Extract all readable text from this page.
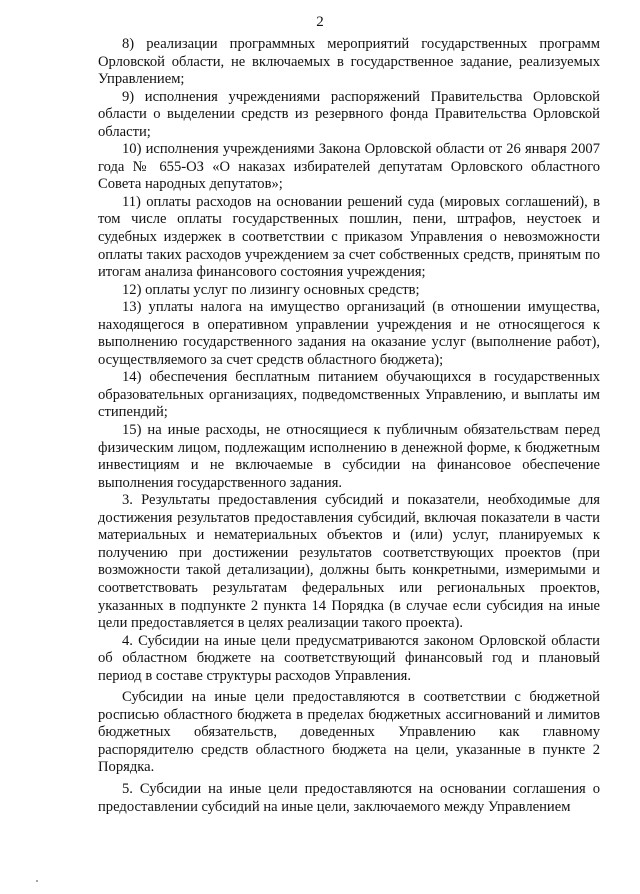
2

8) реализации программных мероприятий государственных программ Орловской области, не включаемых в государственное задание, реализуемых Управлением;

9) исполнения учреждениями распоряжений Правительства Орловской области о выделении средств из резервного фонда Правительства Орловской области;

10) исполнения учреждениями Закона Орловской области от 26 января 2007 года № 655-ОЗ «О наказах избирателей депутатам Орловского областного Совета народных депутатов»;

11) оплаты расходов на основании решений суда (мировых соглашений), в том числе оплаты государственных пошлин, пени, штрафов, неустоек и судебных издержек в соответствии с приказом Управления о невозможности оплаты таких расходов учреждением за счет собственных средств, принятым по итогам анализа финансового состояния учреждения;

12) оплаты услуг по лизингу основных средств;

13) уплаты налога на имущество организаций (в отношении имущества, находящегося в оперативном управлении учреждения и не относящегося к выполнению государственного задания на оказание услуг (выполнение работ), осуществляемого за счет средств областного бюджета);

14) обеспечения бесплатным питанием обучающихся в государственных образовательных организациях, подведомственных Управлению, и выплаты им стипендий;

15) на иные расходы, не относящиеся к публичным обязательствам перед физическим лицом, подлежащим исполнению в денежной форме, к бюджетным инвестициям и не включаемые в субсидии на финансовое обеспечение выполнения государственного задания.

3. Результаты предоставления субсидий и показатели, необходимые для достижения результатов предоставления субсидий, включая показатели в части материальных и нематериальных объектов и (или) услуг, планируемых к получению при достижении результатов соответствующих проектов (при возможности такой детализации), должны быть конкретными, измеримыми и соответствовать результатам федеральных или региональных проектов, указанных в подпункте 2 пункта 14 Порядка (в случае если субсидия на иные цели предоставляется в целях реализации такого проекта).

4. Субсидии на иные цели предусматриваются законом Орловской области об областном бюджете на соответствующий финансовый год и плановый период в составе структуры расходов Управления.

Субсидии на иные цели предоставляются в соответствии с бюджетной росписью областного бюджета в пределах бюджетных ассигнований и лимитов бюджетных обязательств, доведенных Управлению как главному распорядителю средств областного бюджета на цели, указанные в пункте 2 Порядка.

5. Субсидии на иные цели предоставляются на основании соглашения о предоставлении субсидий на иные цели, заключаемого между Управлением
